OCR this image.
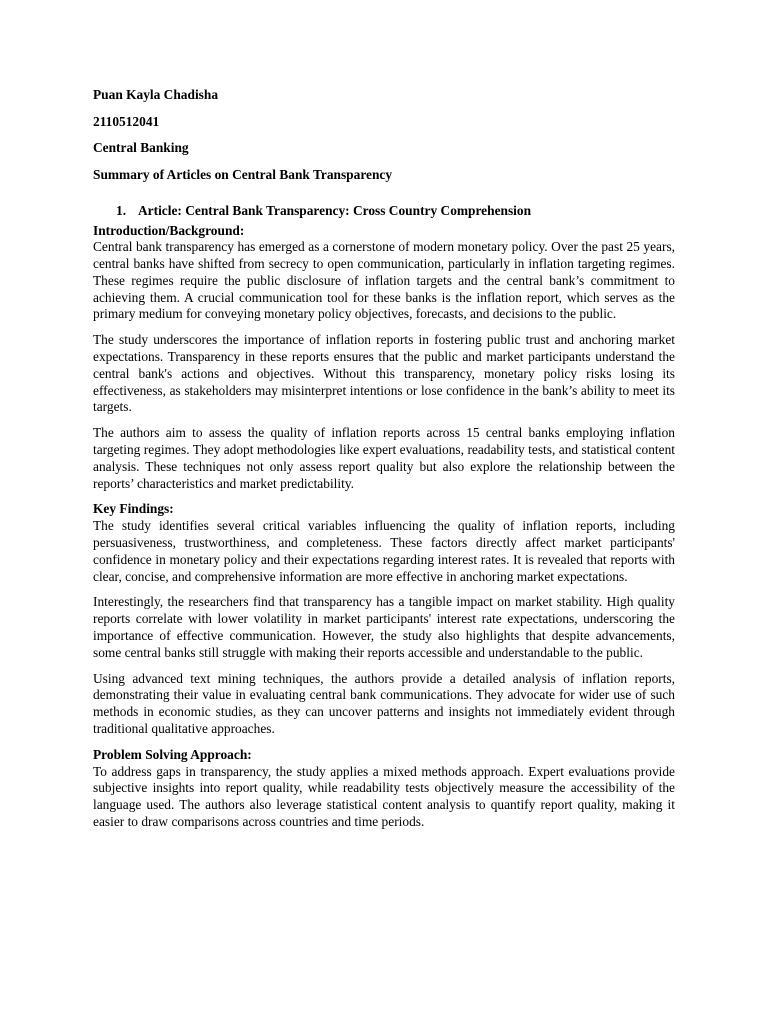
Puan Kayla Chadisha
2110512041
Central Banking
Summary of Articles on Central Bank Transparency
1. Article: Central Bank Transparency: Cross Country Comprehension
Introduction/Background:

Central bank transparency has emerged as a cornerstone of modern monetary policy. Over the past 25 years, central banks have shifted from secrecy to open communication, particularly in inflation targeting regimes. These regimes require the public disclosure of inflation targets and the central bank’s commitment to achieving them. A crucial communication tool for these banks is the inflation report, which serves as the primary medium for conveying monetary policy objectives, forecasts, and decisions to the public.

The study underscores the importance of inflation reports in fostering public trust and anchoring market expectations. Transparency in these reports ensures that the public and market participants understand the central bank's actions and objectives. Without this transparency, monetary policy risks losing its effectiveness, as stakeholders may misinterpret intentions or lose confidence in the bank’s ability to meet its targets.

The authors aim to assess the quality of inflation reports across 15 central banks employing inflation targeting regimes. They adopt methodologies like expert evaluations, readability tests, and statistical content analysis. These techniques not only assess report quality but also explore the relationship between the reports’ characteristics and market predictability.

Key Findings:

The study identifies several critical variables influencing the quality of inflation reports, including persuasiveness, trustworthiness, and completeness. These factors directly affect market participants' confidence in monetary policy and their expectations regarding interest rates. It is revealed that reports with clear, concise, and comprehensive information are more effective in anchoring market expectations.

Interestingly, the researchers find that transparency has a tangible impact on market stability. High quality reports correlate with lower volatility in market participants' interest rate expectations, underscoring the importance of effective communication. However, the study also highlights that despite advancements, some central banks still struggle with making their reports accessible and understandable to the public.

Using advanced text mining techniques, the authors provide a detailed analysis of inflation reports, demonstrating their value in evaluating central bank communications. They advocate for wider use of such methods in economic studies, as they can uncover patterns and insights not immediately evident through traditional qualitative approaches.

Problem Solving Approach:

To address gaps in transparency, the study applies a mixed methods approach. Expert evaluations provide subjective insights into report quality, while readability tests objectively measure the accessibility of the language used. The authors also leverage statistical content analysis to quantify report quality, making it easier to draw comparisons across countries and time periods.
